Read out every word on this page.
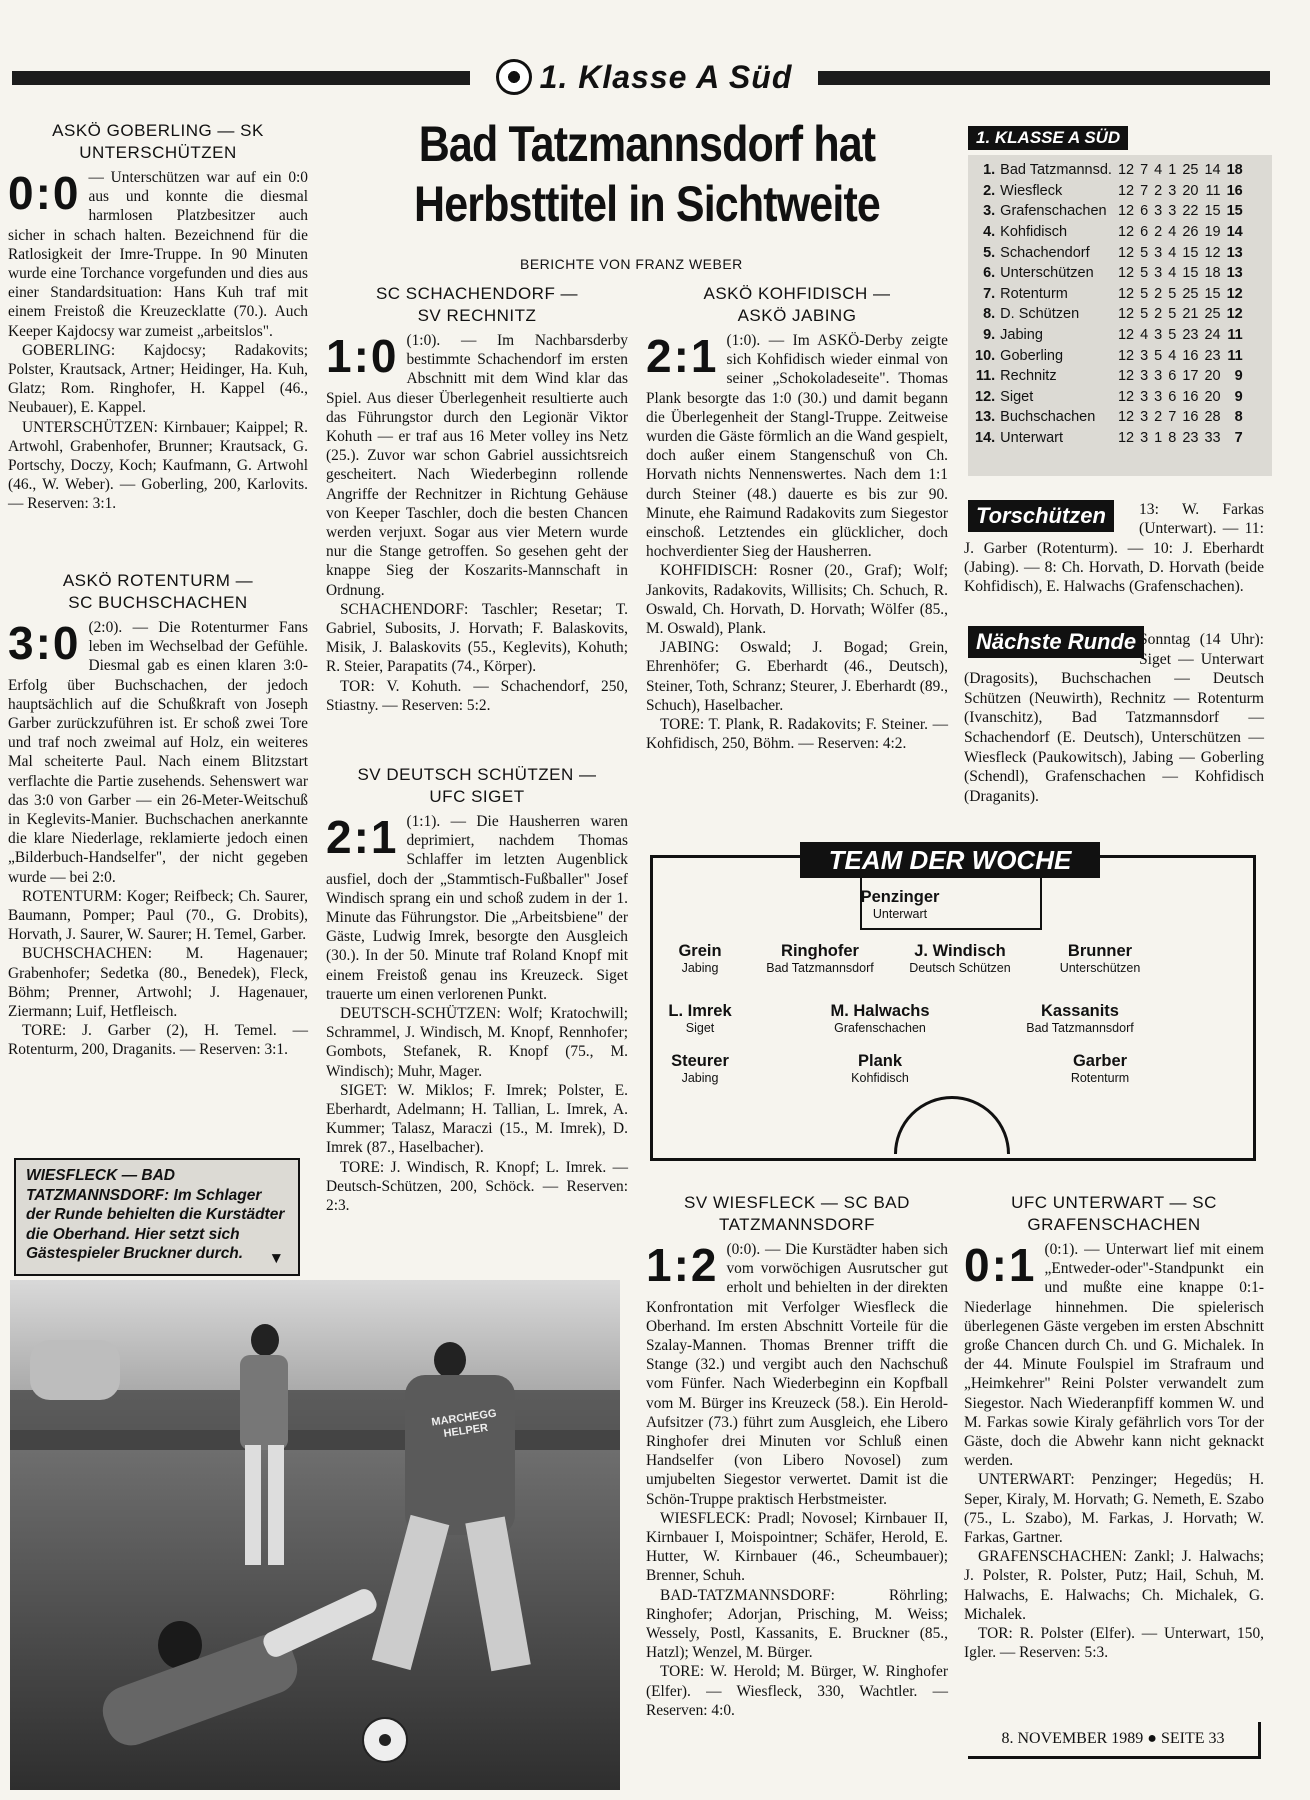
1. Klasse A Süd
ASKÖ GOBERLING — SK UNTERSCHÜTZEN
0:0 — Unterschützen war auf ein 0:0 aus und konnte die diesmal harmlosen Platzbesitzer auch sicher in schach halten. Bezeichnend für die Ratlosigkeit der Imre-Truppe. In 90 Minuten wurde eine Torchance vorgefunden und dies aus einer Standardsituation: Hans Kuh traf mit einem Freistoß die Kreuzecklatte (70.). Auch Keeper Kajdocsy war zumeist „arbeitslos".

GOBERLING: Kajdocsy; Radakovits; Polster, Krautsack, Artner; Heidinger, Ha. Kuh, Glatz; Rom. Ringhofer, H. Kappel (46., Neubauer), E. Kappel.

UNTERSCHÜTZEN: Kirnbauer; Kaippel; R. Artwohl, Grabenhofer, Brunner; Krautsack, G. Portschy, Doczy, Koch; Kaufmann, G. Artwohl (46., W. Weber). — Goberling, 200, Karlovits. — Reserven: 3:1.

ASKÖ ROTENTURM — SC BUCHSCHACHEN
3:0 (2:0). — Die Rotenturmer Fans leben im Wechselbad der Gefühle. Diesmal gab es einen klaren 3:0-Erfolg über Buchschachen, der jedoch hauptsächlich auf die Schußkraft von Joseph Garber zurückzuführen ist. Er schoß zwei Tore und traf noch zweimal auf Holz, ein weiteres Mal scheiterte Paul. Nach einem Blitzstart verflachte die Partie zusehends. Sehenswert war das 3:0 von Garber — ein 26-Meter-Weitschuß in Keglevits-Manier. Buchschachen anerkannte die klare Niederlage, reklamierte jedoch einen „Bilderbuch-Handselfer", der nicht gegeben wurde — bei 2:0.

ROTENTURM: Koger; Reifbeck; Ch. Saurer, Baumann, Pomper; Paul (70., G. Drobits), Horvath, J. Saurer, W. Saurer; H. Temel, Garber.

BUCHSCHACHEN: M. Hagenauer; Grabenhofer; Sedetka (80., Benedek), Fleck, Böhm; Prenner, Artwohl; J. Hagenauer, Ziermann; Luif, Hetfleisch.

TORE: J. Garber (2), H. Temel. — Rotenturm, 200, Draganits. — Reserven: 3:1.

Bad Tatzmannsdorf hat Herbsttitel in Sichtweite
BERICHTE VON FRANZ WEBER
SC SCHACHENDORF — SV RECHNITZ
1:0 (1:0). — Im Nachbarsderby bestimmte Schachendorf im ersten Abschnitt mit dem Wind klar das Spiel. Aus dieser Überlegenheit resultierte auch das Führungstor durch den Legionär Viktor Kohuth — er traf aus 16 Meter volley ins Netz (25.). Zuvor war schon Gabriel aussichtsreich gescheitert. Nach Wiederbeginn rollende Angriffe der Rechnitzer in Richtung Gehäuse von Keeper Taschler, doch die besten Chancen werden verjuxt. Sogar aus vier Metern wurde nur die Stange getroffen. So gesehen geht der knappe Sieg der Koszarits-Mannschaft in Ordnung.

SCHACHENDORF: Taschler; Resetar; T. Gabriel, Subosits, J. Horvath; F. Balaskovits, Misik, J. Balaskovits (55., Keglevits), Kohuth; R. Steier, Parapatits (74., Körper).

TOR: V. Kohuth. — Schachendorf, 250, Stiastny. — Reserven: 5:2.

SV DEUTSCH SCHÜTZEN — UFC SIGET
2:1 (1:1). — Die Hausherren waren deprimiert, nachdem Thomas Schlaffer im letzten Augenblick ausfiel, doch der „Stammtisch-Fußballer" Josef Windisch sprang ein und schoß zudem in der 1. Minute das Führungstor. Die „Arbeitsbiene" der Gäste, Ludwig Imrek, besorgte den Ausgleich (30.). In der 50. Minute traf Roland Knopf mit einem Freistoß genau ins Kreuzeck. Siget trauerte um einen verlorenen Punkt.

DEUTSCH-SCHÜTZEN: Wolf; Kratochwill; Schrammel, J. Windisch, M. Knopf, Rennhofer; Gombots, Stefanek, R. Knopf (75., M. Windisch); Muhr, Mager.

SIGET: W. Miklos; F. Imrek; Polster, E. Eberhardt, Adelmann; H. Tallian, L. Imrek, A. Kummer; Talasz, Maraczi (15., M. Imrek), D. Imrek (87., Haselbacher).

TORE: J. Windisch, R. Knopf; L. Imrek. — Deutsch-Schützen, 200, Schöck. — Reserven: 2:3.

ASKÖ KOHFIDISCH — ASKÖ JABING
2:1 (1:0). — Im ASKÖ-Derby zeigte sich Kohfidisch wieder einmal von seiner „Schokoladeseite". Thomas Plank besorgte das 1:0 (30.) und damit begann die Überlegenheit der Stangl-Truppe. Zeitweise wurden die Gäste förmlich an die Wand gespielt, doch außer einem Stangenschuß von Ch. Horvath nichts Nennenswertes. Nach dem 1:1 durch Steiner (48.) dauerte es bis zur 90. Minute, ehe Raimund Radakovits zum Siegestor einschoß. Letztendes ein glücklicher, doch hochverdienter Sieg der Hausherren.

KOHFIDISCH: Rosner (20., Graf); Wolf; Jankovits, Radakovits, Willisits; Ch. Schuch, R. Oswald, Ch. Horvath, D. Horvath; Wölfer (85., M. Oswald), Plank.

JABING: Oswald; J. Bogad; Grein, Ehrenhöfer; G. Eberhardt (46., Deutsch), Steiner, Toth, Schranz; Steurer, J. Eberhardt (89., Schuch), Haselbacher.

TORE: T. Plank, R. Radakovits; F. Steiner. — Kohfidisch, 250, Böhm. — Reserven: 4:2.

1. KLASSE A SÜD
1.	Bad Tatzmannsd.	12	7	4	1	25	14	18
2.	Wiesfleck	12	7	2	3	20	11	16
3.	Grafenschachen	12	6	3	3	22	15	15
4.	Kohfidisch	12	6	2	4	26	19	14
5.	Schachendorf	12	5	3	4	15	12	13
6.	Unterschützen	12	5	3	4	15	18	13
7.	Rotenturm	12	5	2	5	25	15	12
8.	D. Schützen	12	5	2	5	21	25	12
9.	Jabing	12	4	3	5	23	24	11
10.	Goberling	12	3	5	4	16	23	11
11.	Rechnitz	12	3	3	6	17	20	9
12.	Siget	12	3	3	6	16	20	9
13.	Buchschachen	12	3	2	7	16	28	8
14.	Unterwart	12	3	1	8	23	33	7
Torschützen	13: W. Farkas (Unterwart). — 11: J. Garber (Rotenturm). — 10: J. Eberhardt (Jabing). — 8: Ch. Horvath, D. Horvath (beide Kohfidisch), E. Halwachs (Grafenschachen).
Nächste Runde Sonntag (14 Uhr): Siget — Unterwart (Dragosits), Buchschachen — Deutsch Schützen (Neuwirth), Rechnitz — Rotenturm (Ivanschitz), Bad Tatzmannsdorf — Schachendorf (E. Deutsch), Unterschützen — Wiesfleck (Paukowitsch), Jabing — Goberling (Schendl), Grafenschachen — Kohfidisch (Draganits).
TEAM DER WOCHE
Penzinger
Unterwart
Grein
Jabing
Ringhofer
Bad Tatzmannsdorf
J. Windisch
Deutsch Schützen
Brunner
Unterschützen
L. Imrek
Siget
M. Halwachs
Grafenschachen
Kassanits
Bad Tatzmannsdorf
Steurer
Jabing
Plank
Kohfidisch
Garber
Rotenturm
SV WIESFLECK — SC BAD TATZMANNSDORF
1:2 (0:0). — Die Kurstädter haben sich vom vorwöchigen Ausrutscher gut erholt und behielten in der direkten Konfrontation mit Verfolger Wiesfleck die Oberhand. Im ersten Abschnitt Vorteile für die Szalay-Mannen. Thomas Brenner trifft die Stange (32.) und vergibt auch den Nachschuß vom Fünfer. Nach Wiederbeginn ein Kopfball vom M. Bürger ins Kreuzeck (58.). Ein Herold-Aufsitzer (73.) führt zum Ausgleich, ehe Libero Ringhofer drei Minuten vor Schluß einen Handselfer (von Libero Novosel) zum umjubelten Siegestor verwertet. Damit ist die Schön-Truppe praktisch Herbstmeister.

WIESFLECK: Pradl; Novosel; Kirnbauer II, Kirnbauer I, Moispointner; Schäfer, Herold, E. Hutter, W. Kirnbauer (46., Scheumbauer); Brenner, Schuh.

BAD-TATZMANNSDORF: Röhrling; Ringhofer; Adorjan, Prisching, M. Weiss; Wessely, Postl, Kassanits, E. Bruckner (85., Hatzl); Wenzel, M. Bürger.

TORE: W. Herold; M. Bürger, W. Ringhofer (Elfer). — Wiesfleck, 330, Wachtler. — Reserven: 4:0.

UFC UNTERWART — SC GRAFENSCHACHEN
0:1 (0:1). — Unterwart lief mit einem „Entweder-oder"-Standpunkt ein und mußte eine knappe 0:1-Niederlage hinnehmen. Die spielerisch überlegenen Gäste vergeben im ersten Abschnitt große Chancen durch Ch. und G. Michalek. In der 44. Minute Foulspiel im Strafraum und „Heimkehrer" Reini Polster verwandelt zum Siegestor. Nach Wiederanpfiff kommen W. und M. Farkas sowie Kiraly gefährlich vors Tor der Gäste, doch die Abwehr kann nicht geknackt werden.

UNTERWART: Penzinger; Hegedüs; H. Seper, Kiraly, M. Horvath; G. Nemeth, E. Szabo (75., L. Szabo), M. Farkas, J. Horvath; W. Farkas, Gartner.

GRAFENSCHACHEN: Zankl; J. Halwachs; J. Polster, R. Polster, Putz; Hail, Schuh, M. Halwachs, E. Halwachs; Ch. Michalek, G. Michalek.

TOR: R. Polster (Elfer). — Unterwart, 150, Igler. — Reserven: 5:3.

WIESFLECK — BAD TATZMANNSDORF: Im Schlager der Runde behielten die Kurstädter die Oberhand. Hier setzt sich Gästespieler Bruckner durch. ▼
MARCHEGG HELPER
8. NOVEMBER 1989 ● SEITE 33
